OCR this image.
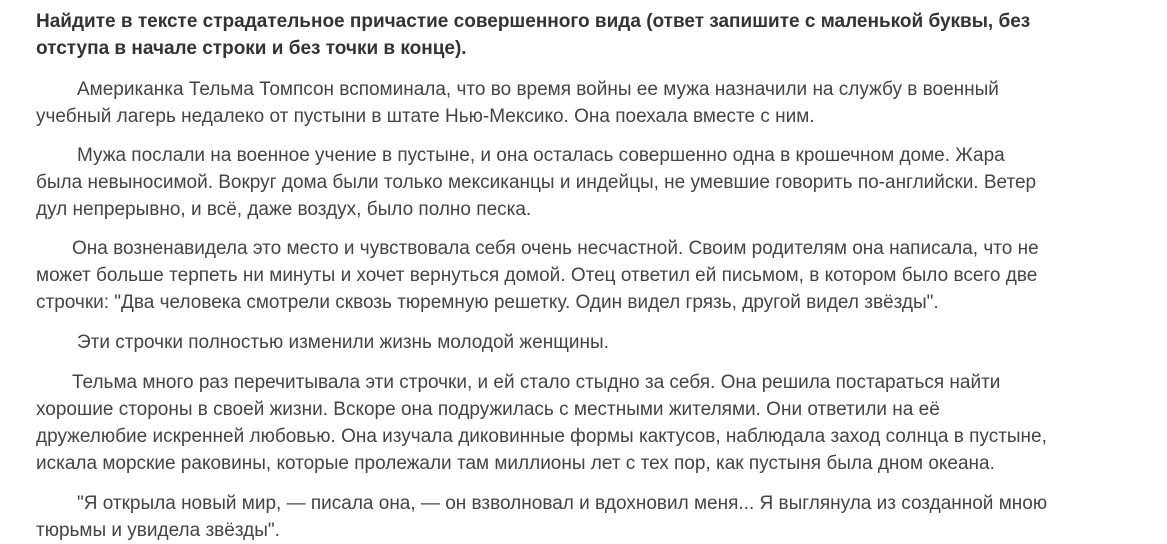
Найдите в тексте страдательное причастие совершенного вида (ответ запишите с маленькой буквы, без

отступа в начале строки и без точки в конце).

Американка Тельма Томпсон вспоминала, что во время войны ее мужа назначили на службу в военный

учебный лагерь недалеко от пустыни в штате Нью-Мексико. Она поехала вместе с ним.

Мужа послали на военное учение в пустыне, и она осталась совершенно одна в крошечном доме. Жара

была невыносимой. Вокруг дома были только мексиканцы и индейцы, не умевшие говорить по-английски. Ветер

дул непрерывно, и всё, даже воздух, было полно песка.

Она возненавидела это место и чувствовала себя очень несчастной. Своим родителям она написала, что не

может больше терпеть ни минуты и хочет вернуться домой. Отец ответил ей письмом, в котором было всего две

строчки: "Два человека смотрели сквозь тюремную решетку. Один видел грязь, другой видел звёзды".

Эти строчки полностью изменили жизнь молодой женщины.

Тельма много раз перечитывала эти строчки, и ей стало стыдно за себя. Она решила постараться найти

хорошие стороны в своей жизни. Вскоре она подружилась с местными жителями. Они ответили на её

дружелюбие искренней любовью. Она изучала диковинные формы кактусов, наблюдала заход солнца в пустыне,

искала морские раковины, которые пролежали там миллионы лет с тех пор, как пустыня была дном океана.

"Я открыла новый мир, — писала она, — он взволновал и вдохновил меня... Я выглянула из созданной мною

тюрьмы и увидела звёзды".
